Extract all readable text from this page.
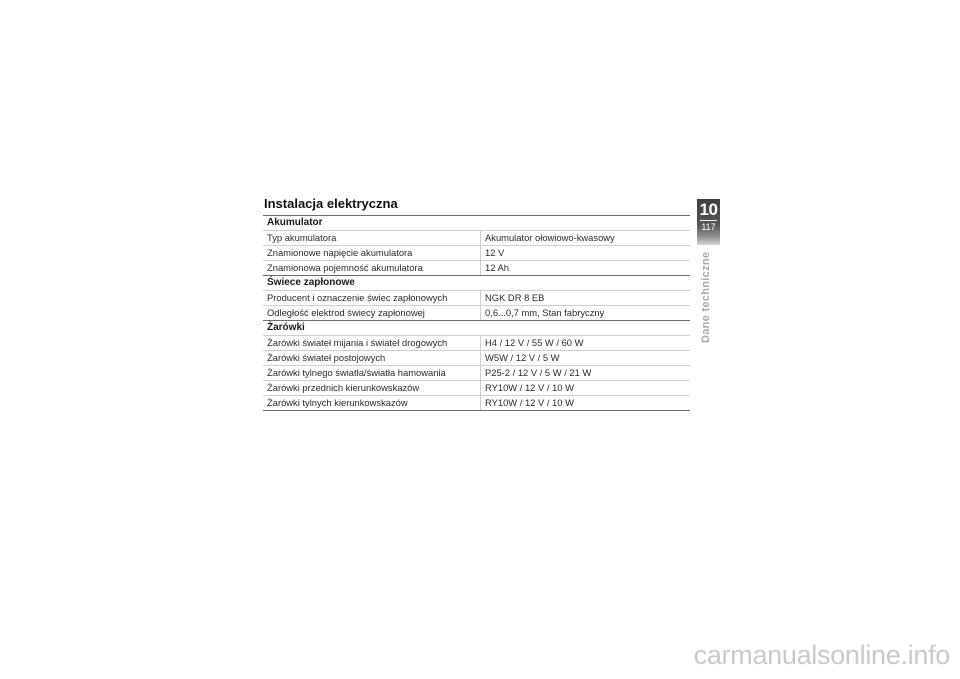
Instalacja elektryczna
Akumulator
Typ akumulatora	Akumulator ołowiowo-kwasowy
Znamionowe napięcie akumulatora	12 V
Znamionowa pojemność akumulatora	12 Ah
Świece zapłonowe
Producent i oznaczenie świec zapłonowych	NGK DR 8 EB
Odległość elektrod świecy zapłonowej	0,6...0,7 mm, Stan fabryczny
Żarówki
Żarówki świateł mijania i świateł drogowych	H4 / 12 V / 55 W / 60 W
Żarówki świateł postojowych	W5W / 12 V / 5 W
Żarówki tylnego światła/światła hamowania	P25-2 / 12 V / 5 W / 21 W
Żarówki przednich kierunkowskazów	RY10W / 12 V / 10 W
Żarówki tylnych kierunkowskazów	RY10W / 12 V / 10 W
10
117
Dane techniczne
carmanualsonline.info
